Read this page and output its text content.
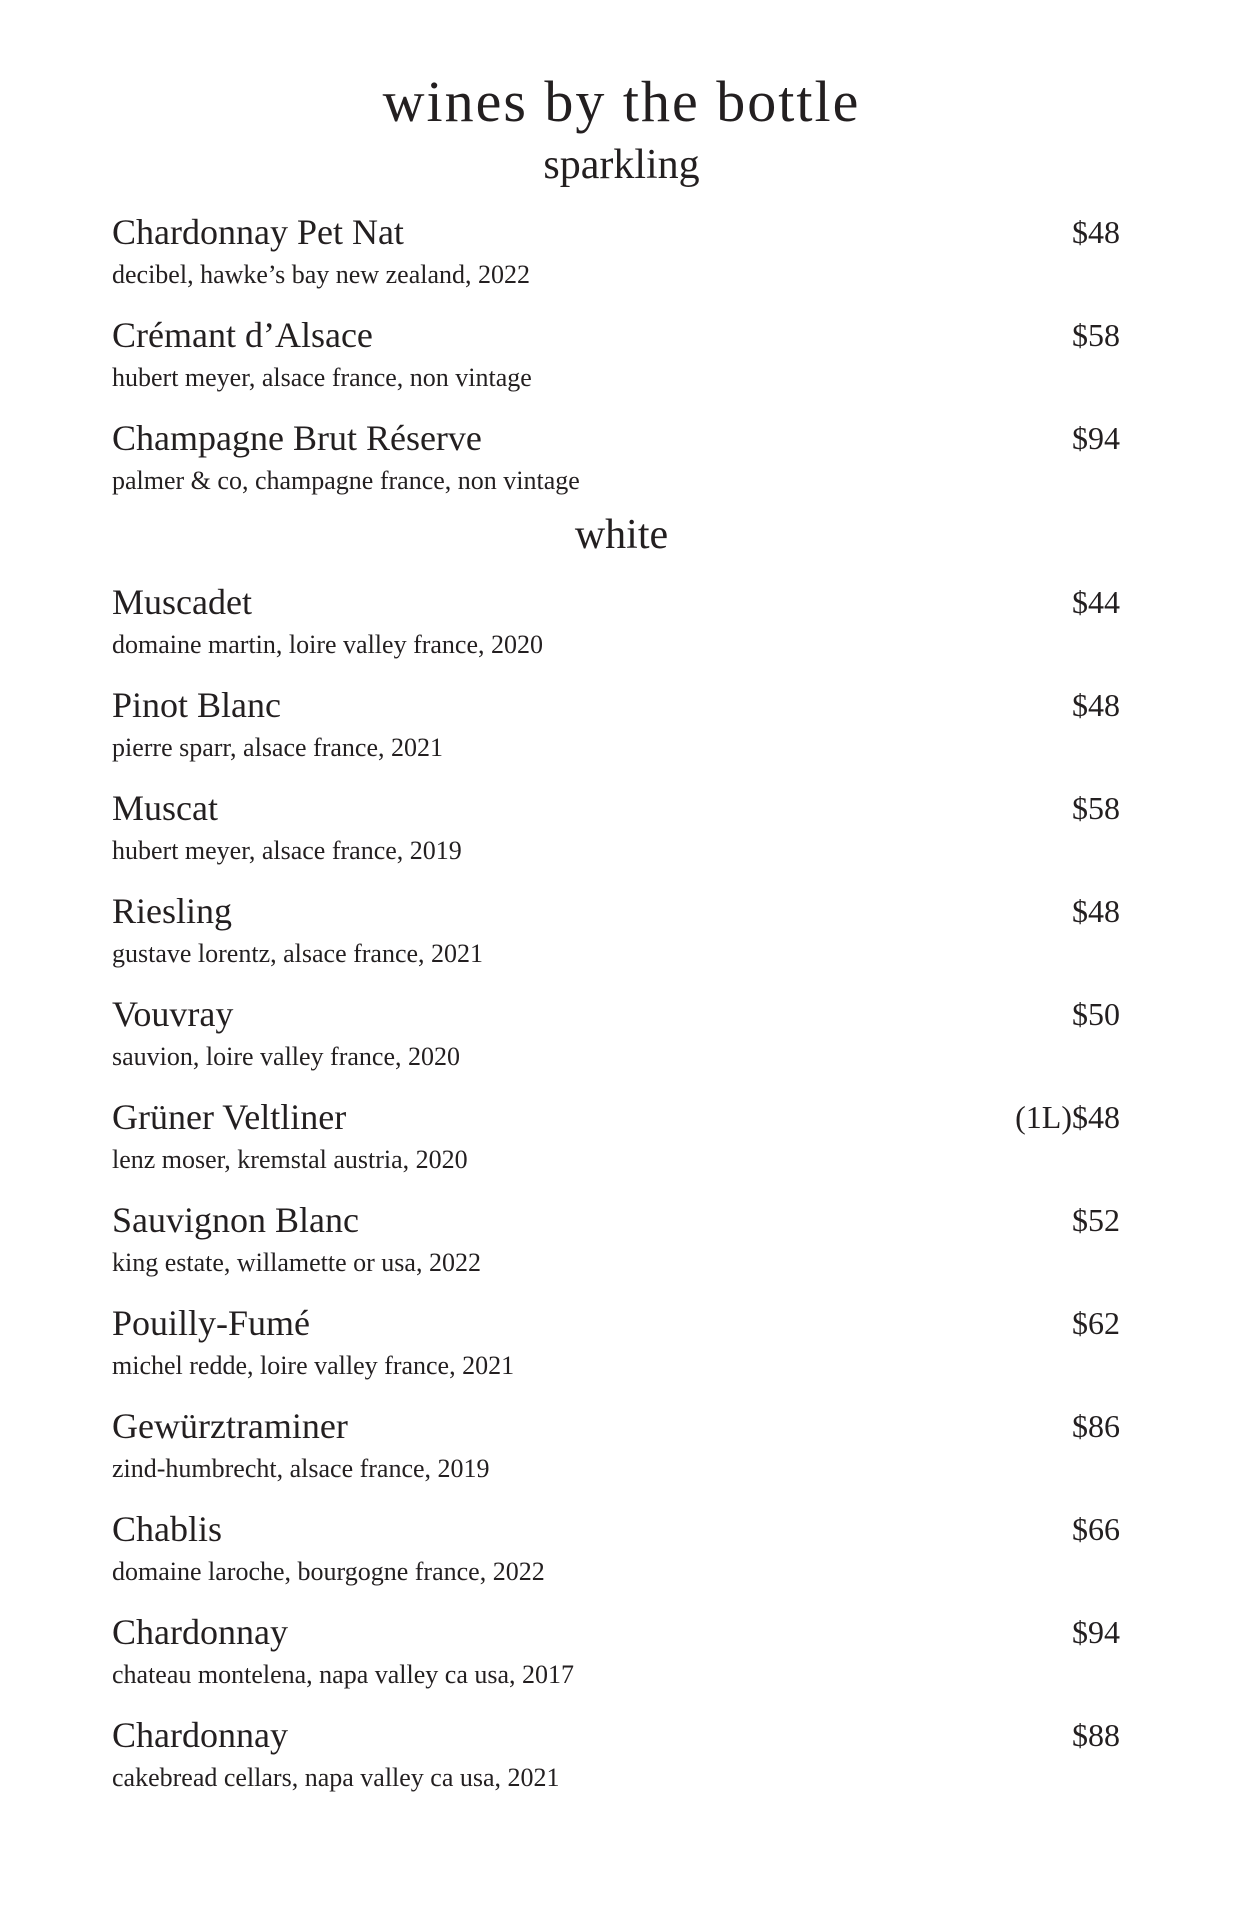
wines by the bottle
sparkling
Chardonnay Pet Nat	$48
decibel, hawke’s bay new zealand, 2022
Crémant d’Alsace	$58
hubert meyer, alsace france, non vintage
Champagne Brut Réserve	$94
palmer & co, champagne france, non vintage
white
Muscadet	$44
domaine martin, loire valley france, 2020
Pinot Blanc	$48
pierre sparr, alsace france, 2021
Muscat	$58
hubert meyer, alsace france, 2019
Riesling	$48
gustave lorentz, alsace france, 2021
Vouvray	$50
sauvion, loire valley france, 2020
Grüner Veltliner	(1L)$48
lenz moser, kremstal austria, 2020
Sauvignon Blanc	$52
king estate, willamette or usa, 2022
Pouilly-Fumé	$62
michel redde, loire valley france, 2021
Gewürztraminer	$86
zind-humbrecht, alsace france, 2019
Chablis	$66
domaine laroche, bourgogne france, 2022
Chardonnay	$94
chateau montelena, napa valley ca usa, 2017
Chardonnay	$88
cakebread cellars, napa valley ca usa, 2021
